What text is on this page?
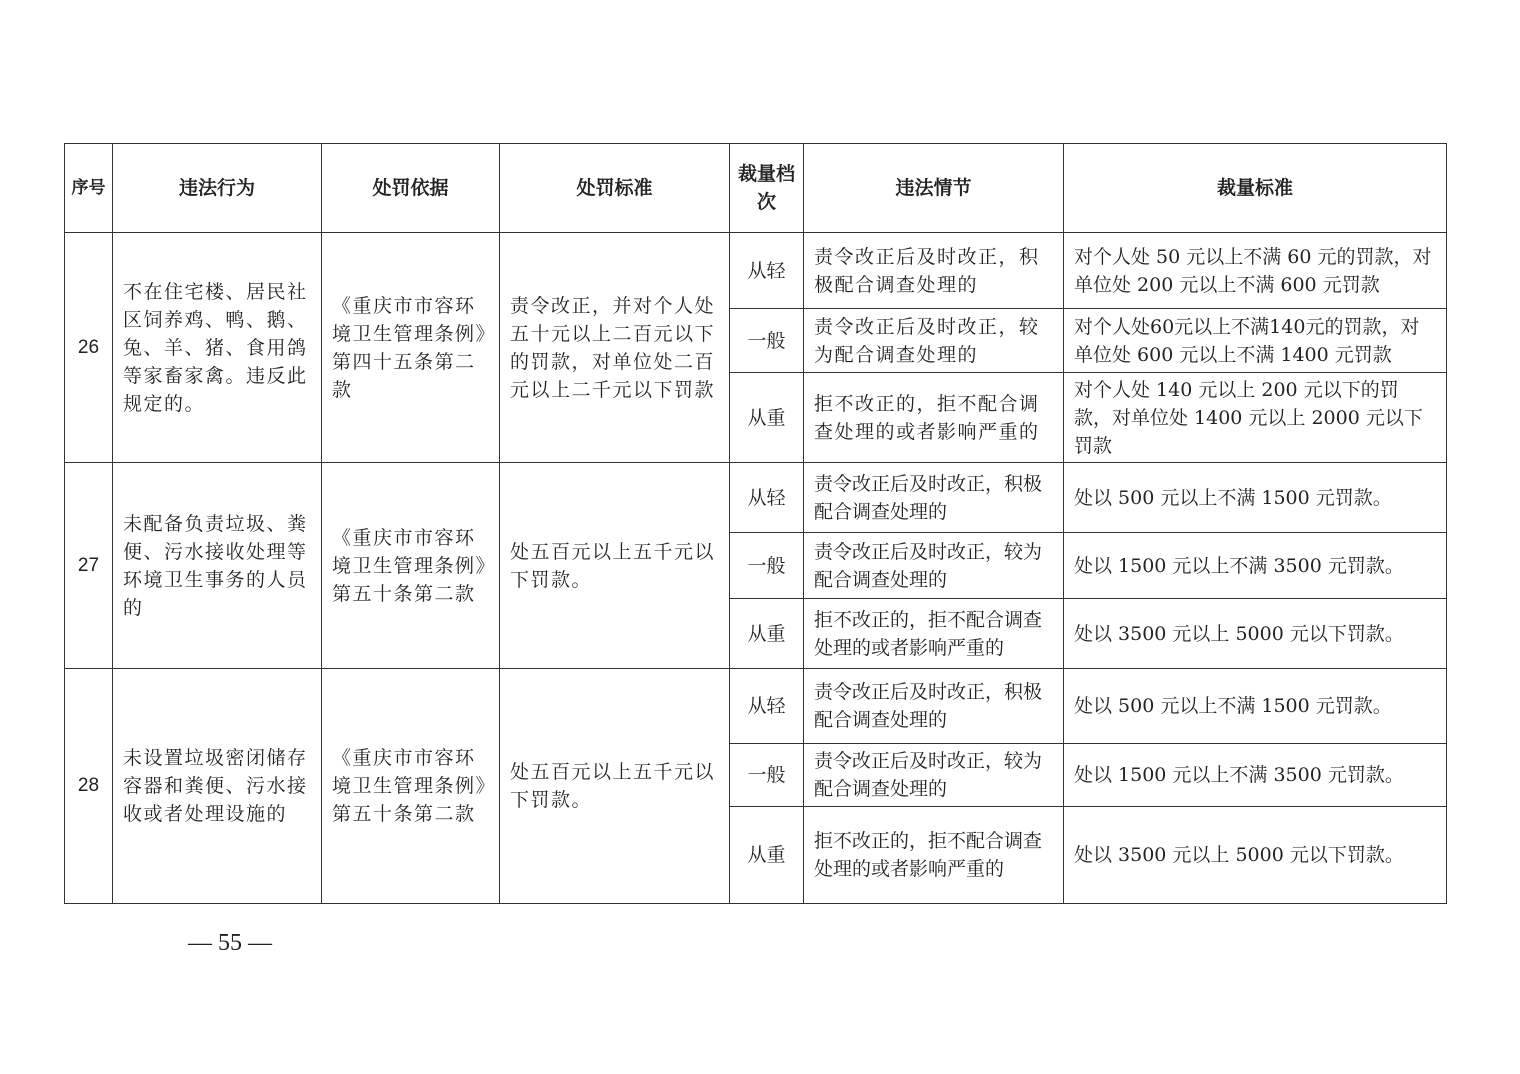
序号	违法行为	处罚依据	处罚标准	裁量档次	违法情节	裁量标准
26	不在住宅楼、居民社区饲养鸡、鸭、鹅、兔、羊、猪、食用鸽等家畜家禽。违反此规定的。	《重庆市市容环境卫生管理条例》第四十五条第二款	责令改正，并对个人处五十元以上二百元以下的罚款，对单位处二百元以上二千元以下罚款	从轻	责令改正后及时改正，积极配合调查处理的	对个人处 50 元以上不满 60 元的罚款，对单位处 200 元以上不满 600 元罚款
				一般	责令改正后及时改正，较为配合调查处理的	对个人处60元以上不满140元的罚款，对单位处 600 元以上不满 1400 元罚款
				从重	拒不改正的，拒不配合调查处理的或者影响严重的	对个人处 140 元以上 200 元以下的罚款，对单位处 1400 元以上 2000 元以下罚款
27	未配备负责垃圾、粪便、污水接收处理等环境卫生事务的人员的	《重庆市市容环境卫生管理条例》第五十条第二款	处五百元以上五千元以下罚款。	从轻	责令改正后及时改正，积极配合调查处理的	处以 500 元以上不满 1500 元罚款。
				一般	责令改正后及时改正，较为配合调查处理的	处以 1500 元以上不满 3500 元罚款。
				从重	拒不改正的，拒不配合调查处理的或者影响严重的	处以 3500 元以上 5000 元以下罚款。
28	未设置垃圾密闭储存容器和粪便、污水接收或者处理设施的	《重庆市市容环境卫生管理条例》第五十条第二款	处五百元以上五千元以下罚款。	从轻	责令改正后及时改正，积极配合调查处理的	处以 500 元以上不满 1500 元罚款。
				一般	责令改正后及时改正，较为配合调查处理的	处以 1500 元以上不满 3500 元罚款。
				从重	拒不改正的，拒不配合调查处理的或者影响严重的	处以 3500 元以上 5000 元以下罚款。
— 55 —
